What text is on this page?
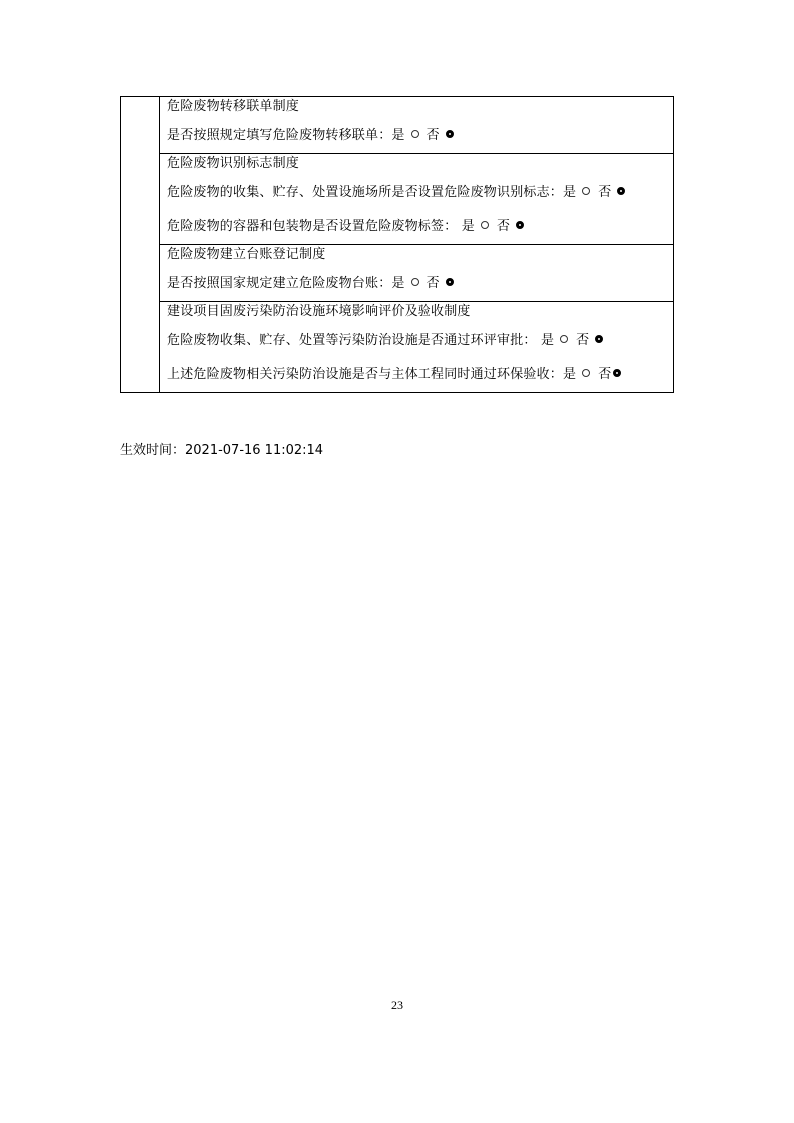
危险废物转移联单制度
是否按照规定填写危险废物转移联单：是 否

危险废物识别标志制度
危险废物的收集、贮存、处置设施场所是否设置危险废物识别标志：是 否
危险废物的容器和包装物是否设置危险废物标签： 是 否

危险废物建立台账登记制度
是否按照国家规定建立危险废物台账：是 否

建设项目固废污染防治设施环境影响评价及验收制度
危险废物收集、贮存、处置等污染防治设施是否通过环评审批： 是 否
上述危险废物相关污染防治设施是否与主体工程同时通过环保验收：是 否
生效时间：2021-07-16 11:02:14
23
